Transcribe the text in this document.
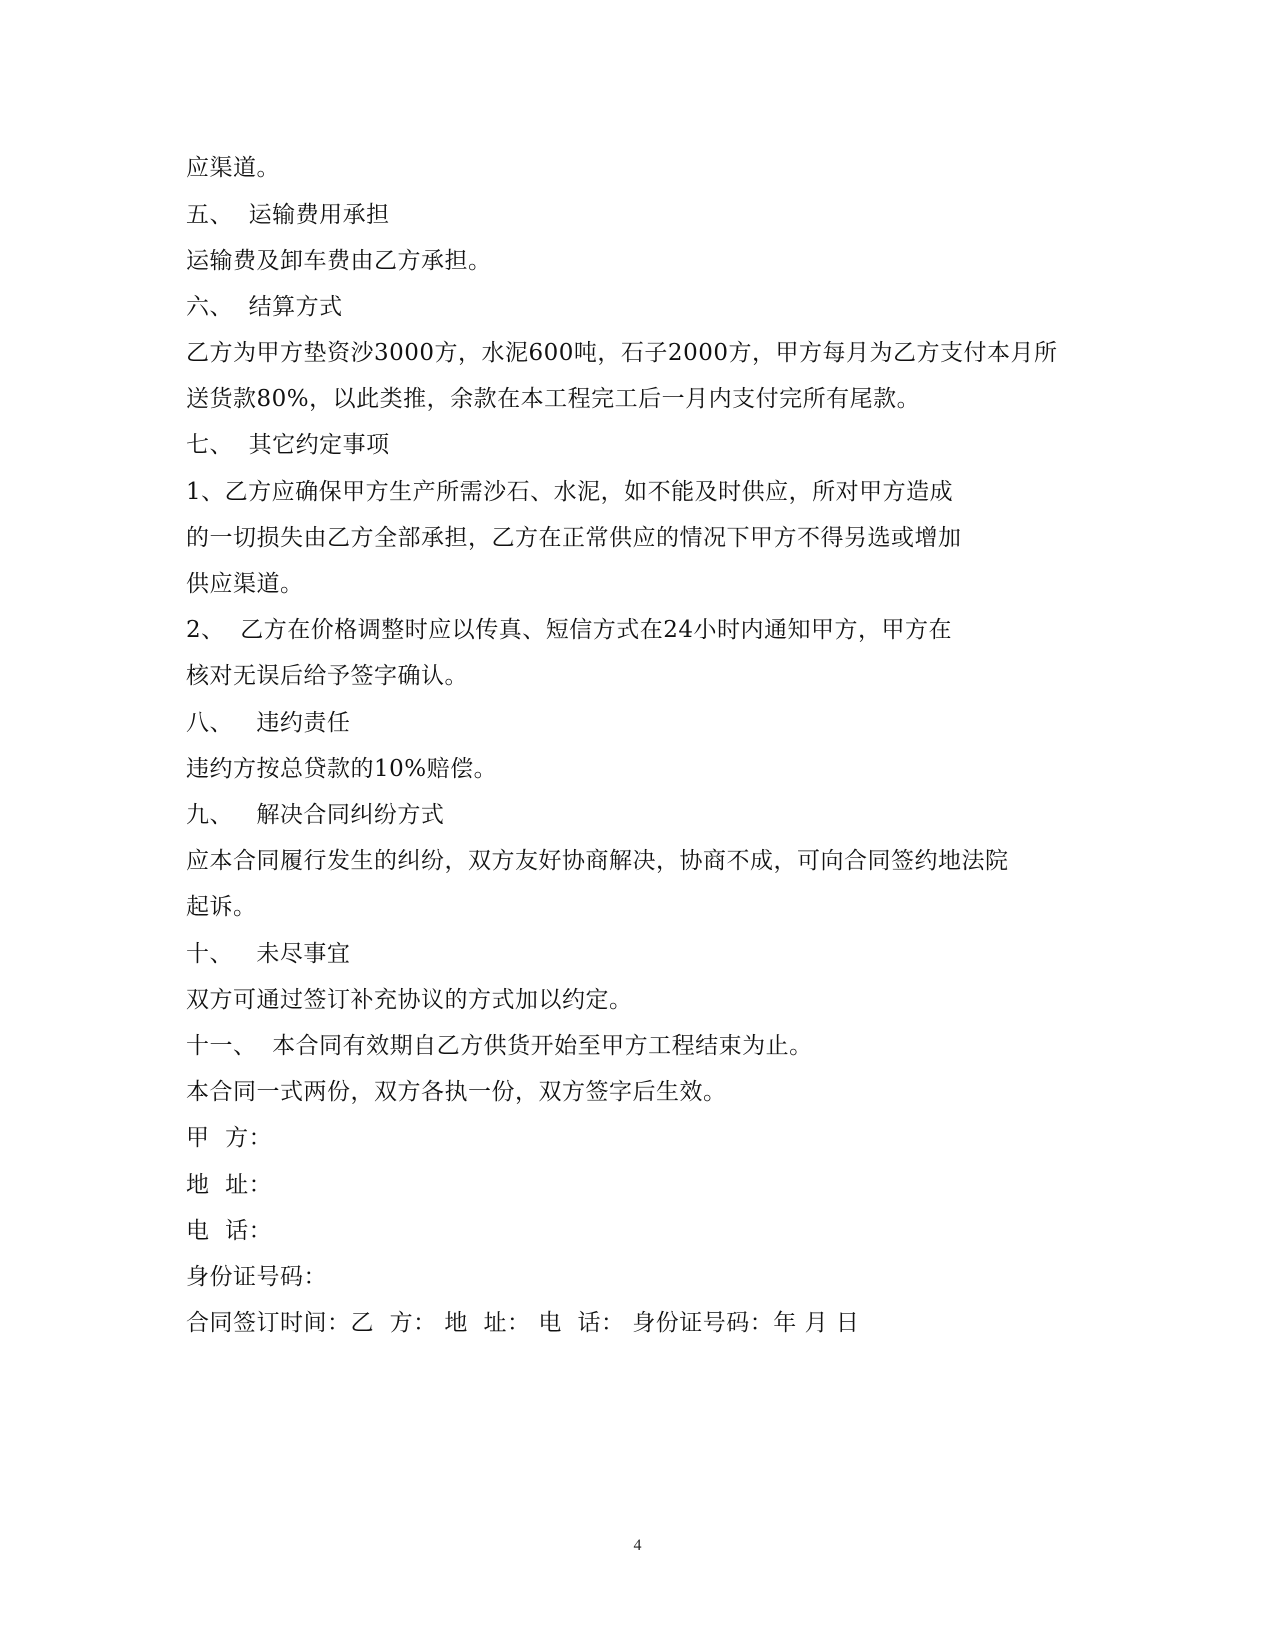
应渠道。
五、  运输费用承担
运输费及卸车费由乙方承担。
六、  结算方式
乙方为甲方垫资沙3000方，水泥600吨，石子2000方，甲方每月为乙方支付本月所
送货款80%，以此类推，余款在本工程完工后一月内支付完所有尾款。
七、  其它约定事项
1、乙方应确保甲方生产所需沙石、水泥，如不能及时供应，所对甲方造成
的一切损失由乙方全部承担，乙方在正常供应的情况下甲方不得另选或增加
供应渠道。
2、  乙方在价格调整时应以传真、短信方式在24小时内通知甲方，甲方在
核对无误后给予签字确认。
八、   违约责任
违约方按总贷款的10%赔偿。
九、   解决合同纠纷方式
应本合同履行发生的纠纷，双方友好协商解决，协商不成，可向合同签约地法院
起诉。
十、   未尽事宜
双方可通过签订补充协议的方式加以约定。
十一、  本合同有效期自乙方供货开始至甲方工程结束为止。
本合同一式两份，双方各执一份，双方签字后生效。
甲  方：
地  址：
电  话：
身份证号码：
合同签订时间：乙  方： 地  址： 电  话： 身份证号码：年 月 日
4
